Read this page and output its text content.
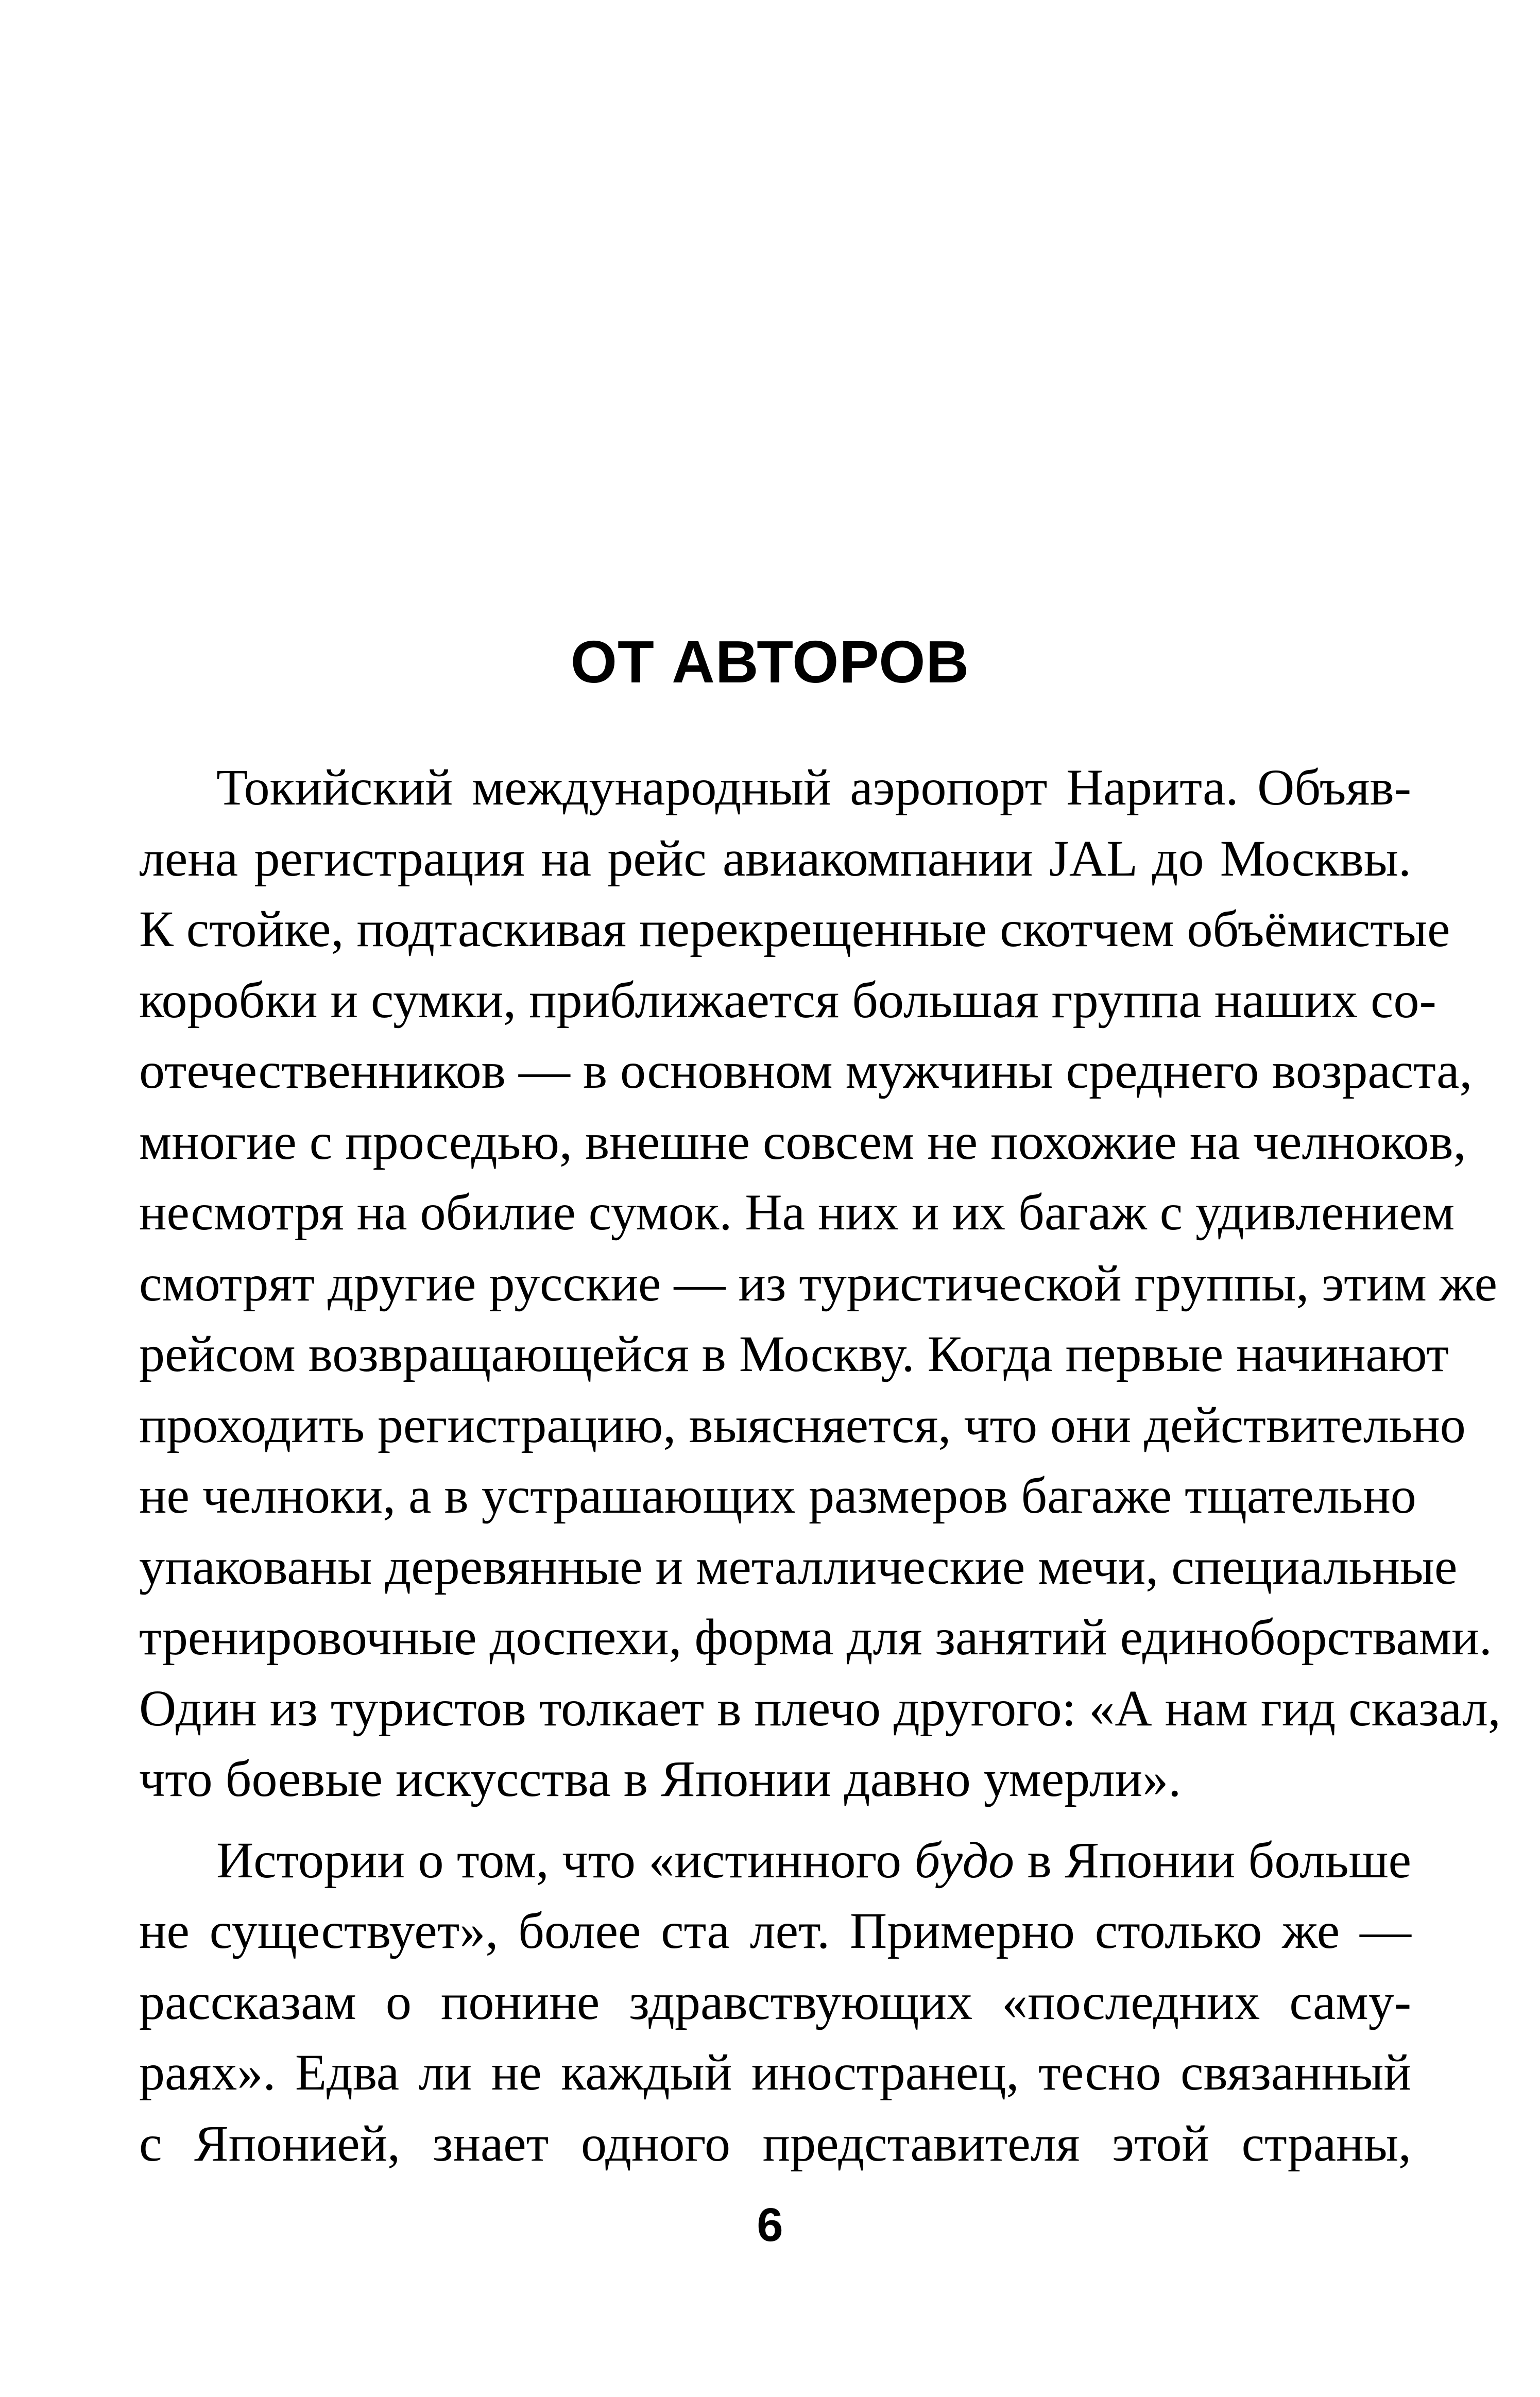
ОТ АВТОРОВ
Токийский международный аэропорт Нарита. Объяв-
лена регистрация на рейс авиакомпании JAL до Москвы.
К стойке, подтаскивая перекрещенные скотчем объёмистые
коробки и сумки, приближается большая группа наших со-
отечественников — в основном мужчины среднего возраста,
многие с проседью, внешне совсем не похожие на челноков,
несмотря на обилие сумок. На них и их багаж с удивлением
смотрят другие русские — из туристической группы, этим же
рейсом возвращающейся в Москву. Когда первые начинают
проходить регистрацию, выясняется, что они действительно
не челноки, а в устрашающих размеров багаже тщательно
упакованы деревянные и металлические мечи, специальные
тренировочные доспехи, форма для занятий единоборствами.
Один из туристов толкает в плечо другого: «А нам гид сказал,
что боевые искусства в Японии давно умерли».
Истории о том, что «истинного будо в Японии больше
не существует», более ста лет. Примерно столько же —
рассказам о понине здравствующих «последних саму-
раях». Едва ли не каждый иностранец, тесно связанный
с Японией, знает одного представителя этой страны,
6
